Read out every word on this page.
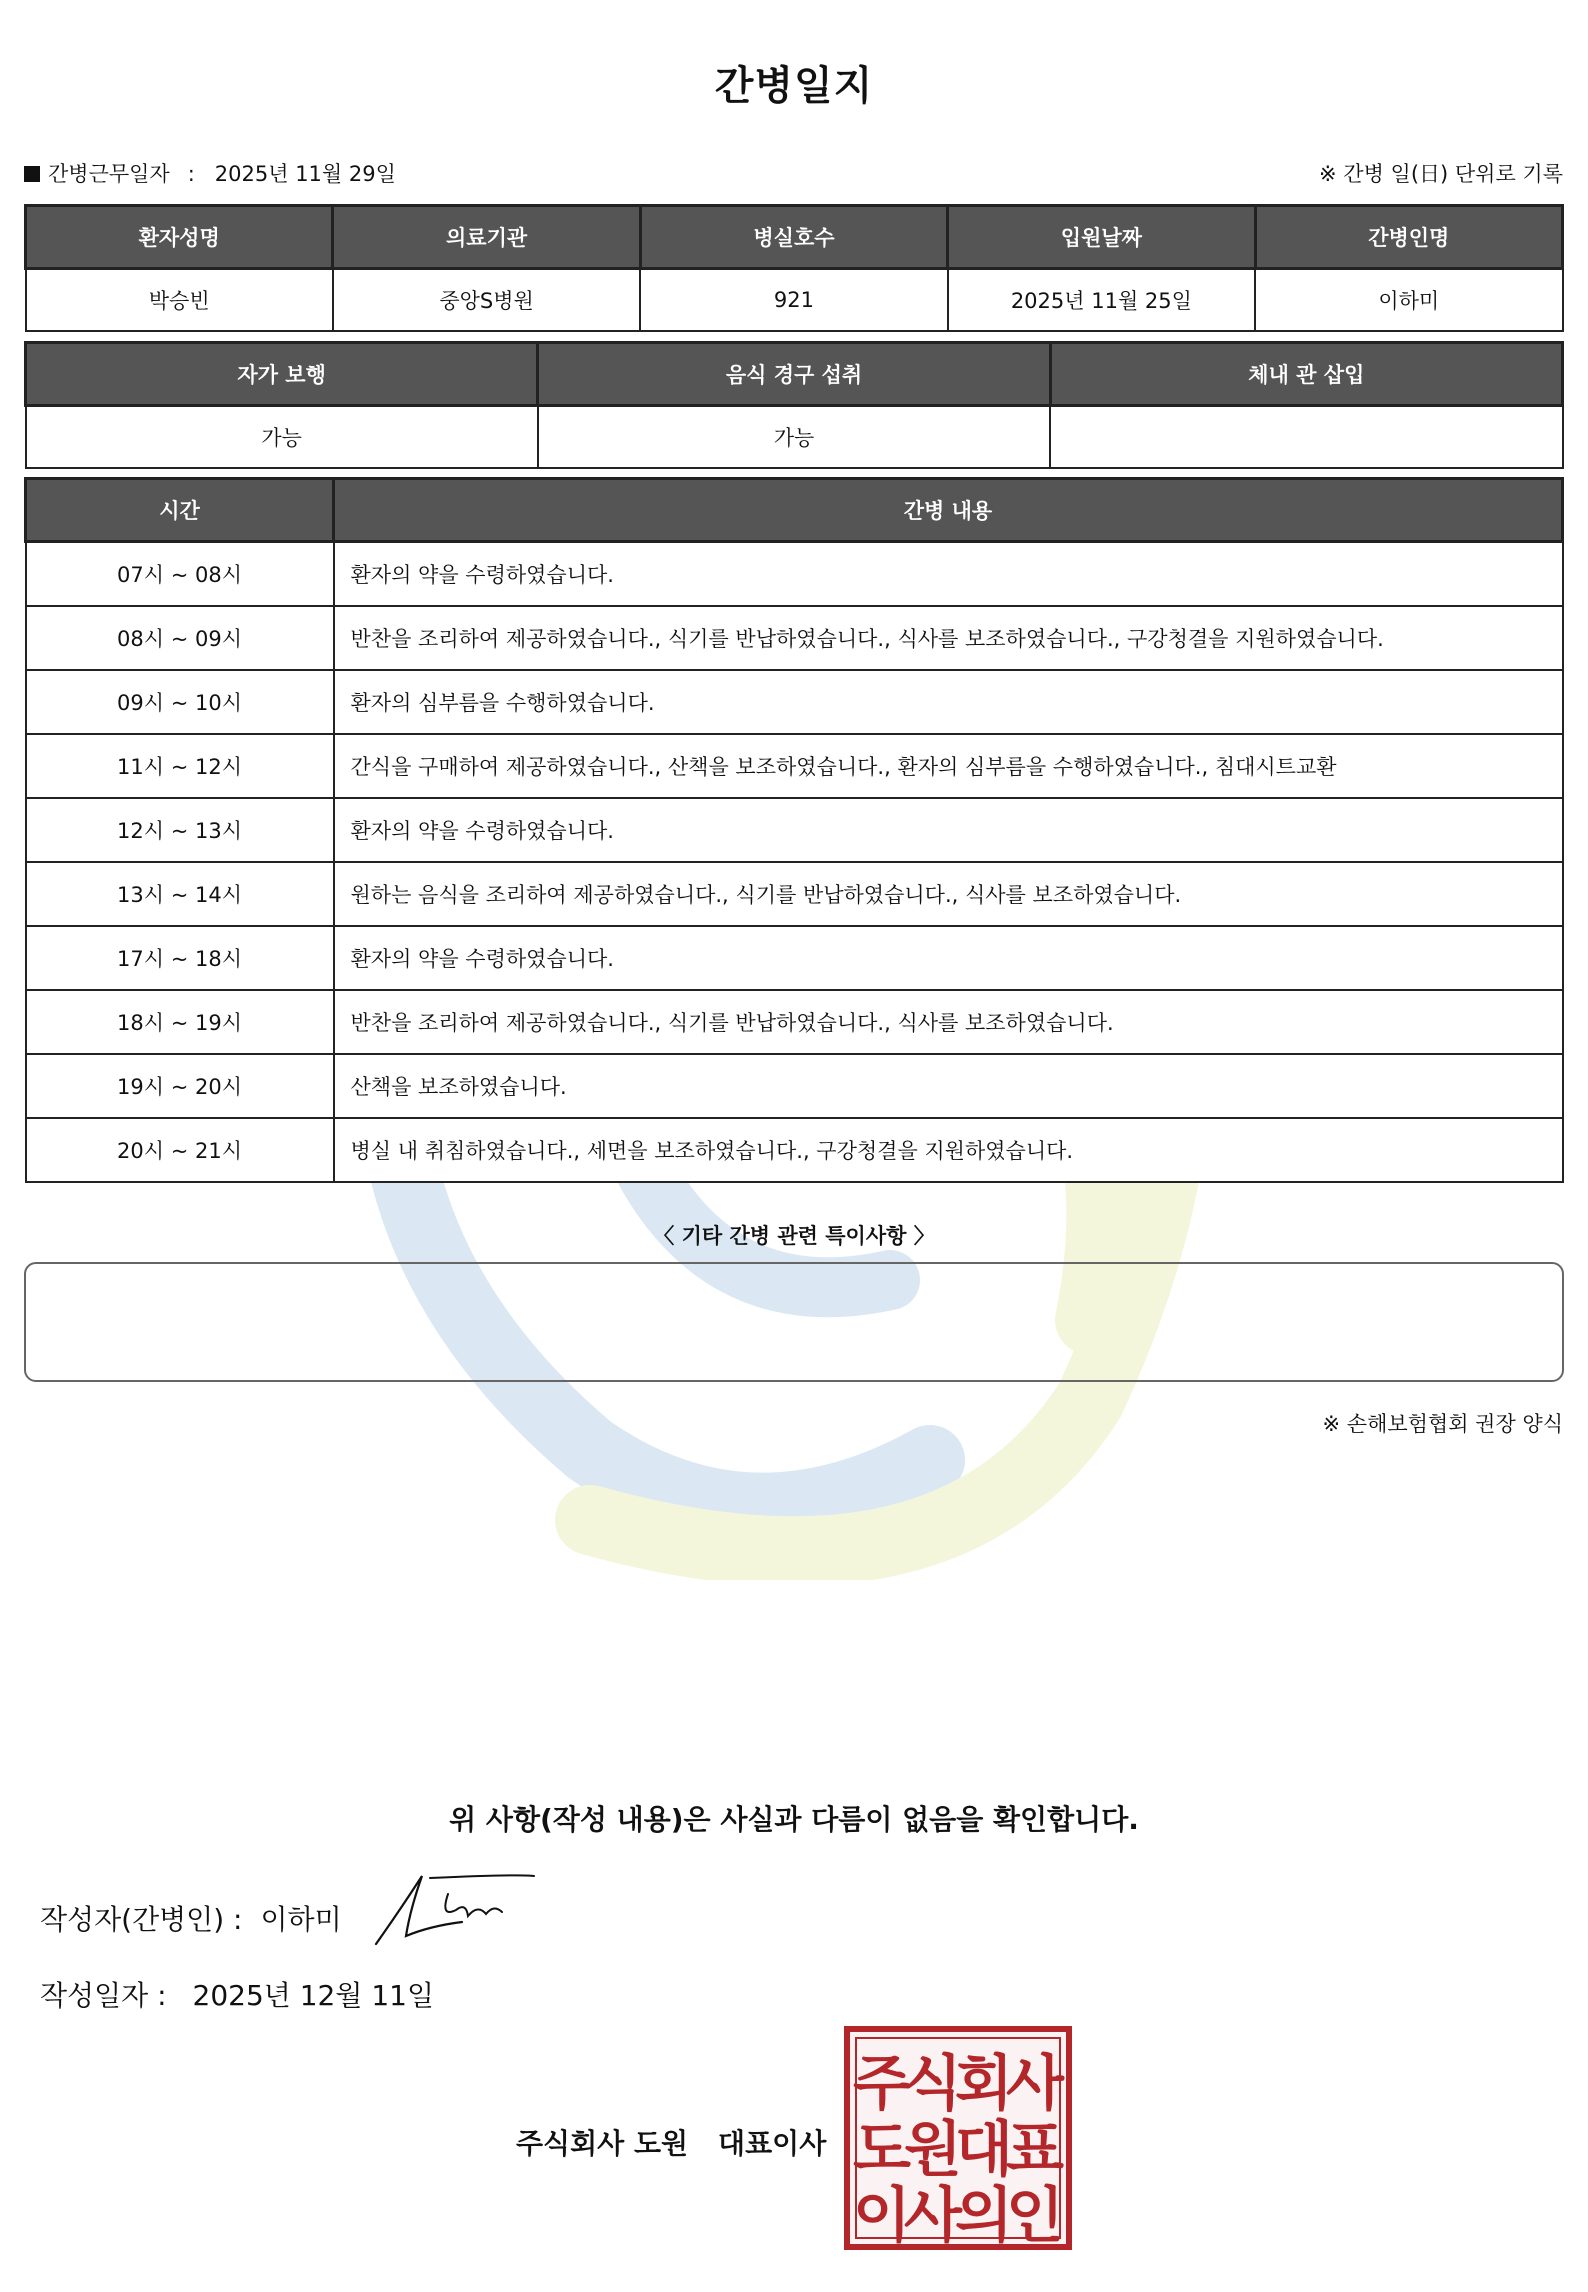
간병일지
간병근무일자 : 2025년 11월 29일	※ 간병 일(日) 단위로 기록
환자성명	의료기관	병실호수	입원날짜	간병인명
박승빈	중앙S병원	921	2025년 11월 25일	이하미
자가 보행	음식 경구 섭취	체내 관 삽입
가능	가능	
시간	간병 내용
07시 ~ 08시	환자의 약을 수령하였습니다.
08시 ~ 09시	반찬을 조리하여 제공하였습니다., 식기를 반납하였습니다., 식사를 보조하였습니다., 구강청결을 지원하였습니다.
09시 ~ 10시	환자의 심부름을 수행하였습니다.
11시 ~ 12시	간식을 구매하여 제공하였습니다., 산책을 보조하였습니다., 환자의 심부름을 수행하였습니다., 침대시트교환
12시 ~ 13시	환자의 약을 수령하였습니다.
13시 ~ 14시	원하는 음식을 조리하여 제공하였습니다., 식기를 반납하였습니다., 식사를 보조하였습니다.
17시 ~ 18시	환자의 약을 수령하였습니다.
18시 ~ 19시	반찬을 조리하여 제공하였습니다., 식기를 반납하였습니다., 식사를 보조하였습니다.
19시 ~ 20시	산책을 보조하였습니다.
20시 ~ 21시	병실 내 취침하였습니다., 세면을 보조하였습니다., 구강청결을 지원하였습니다.
〈 기타 간병 관련 특이사항 〉
※ 손해보험협회 권장 양식
위 사항(작성 내용)은 사실과 다름이 없음을 확인합니다.
작성자(간병인) : 이하미
작성일자 : 2025년 12월 11일
주식회사 도원 대표이사
주
식
회
사
도
원
대
표
이
사
의
인
